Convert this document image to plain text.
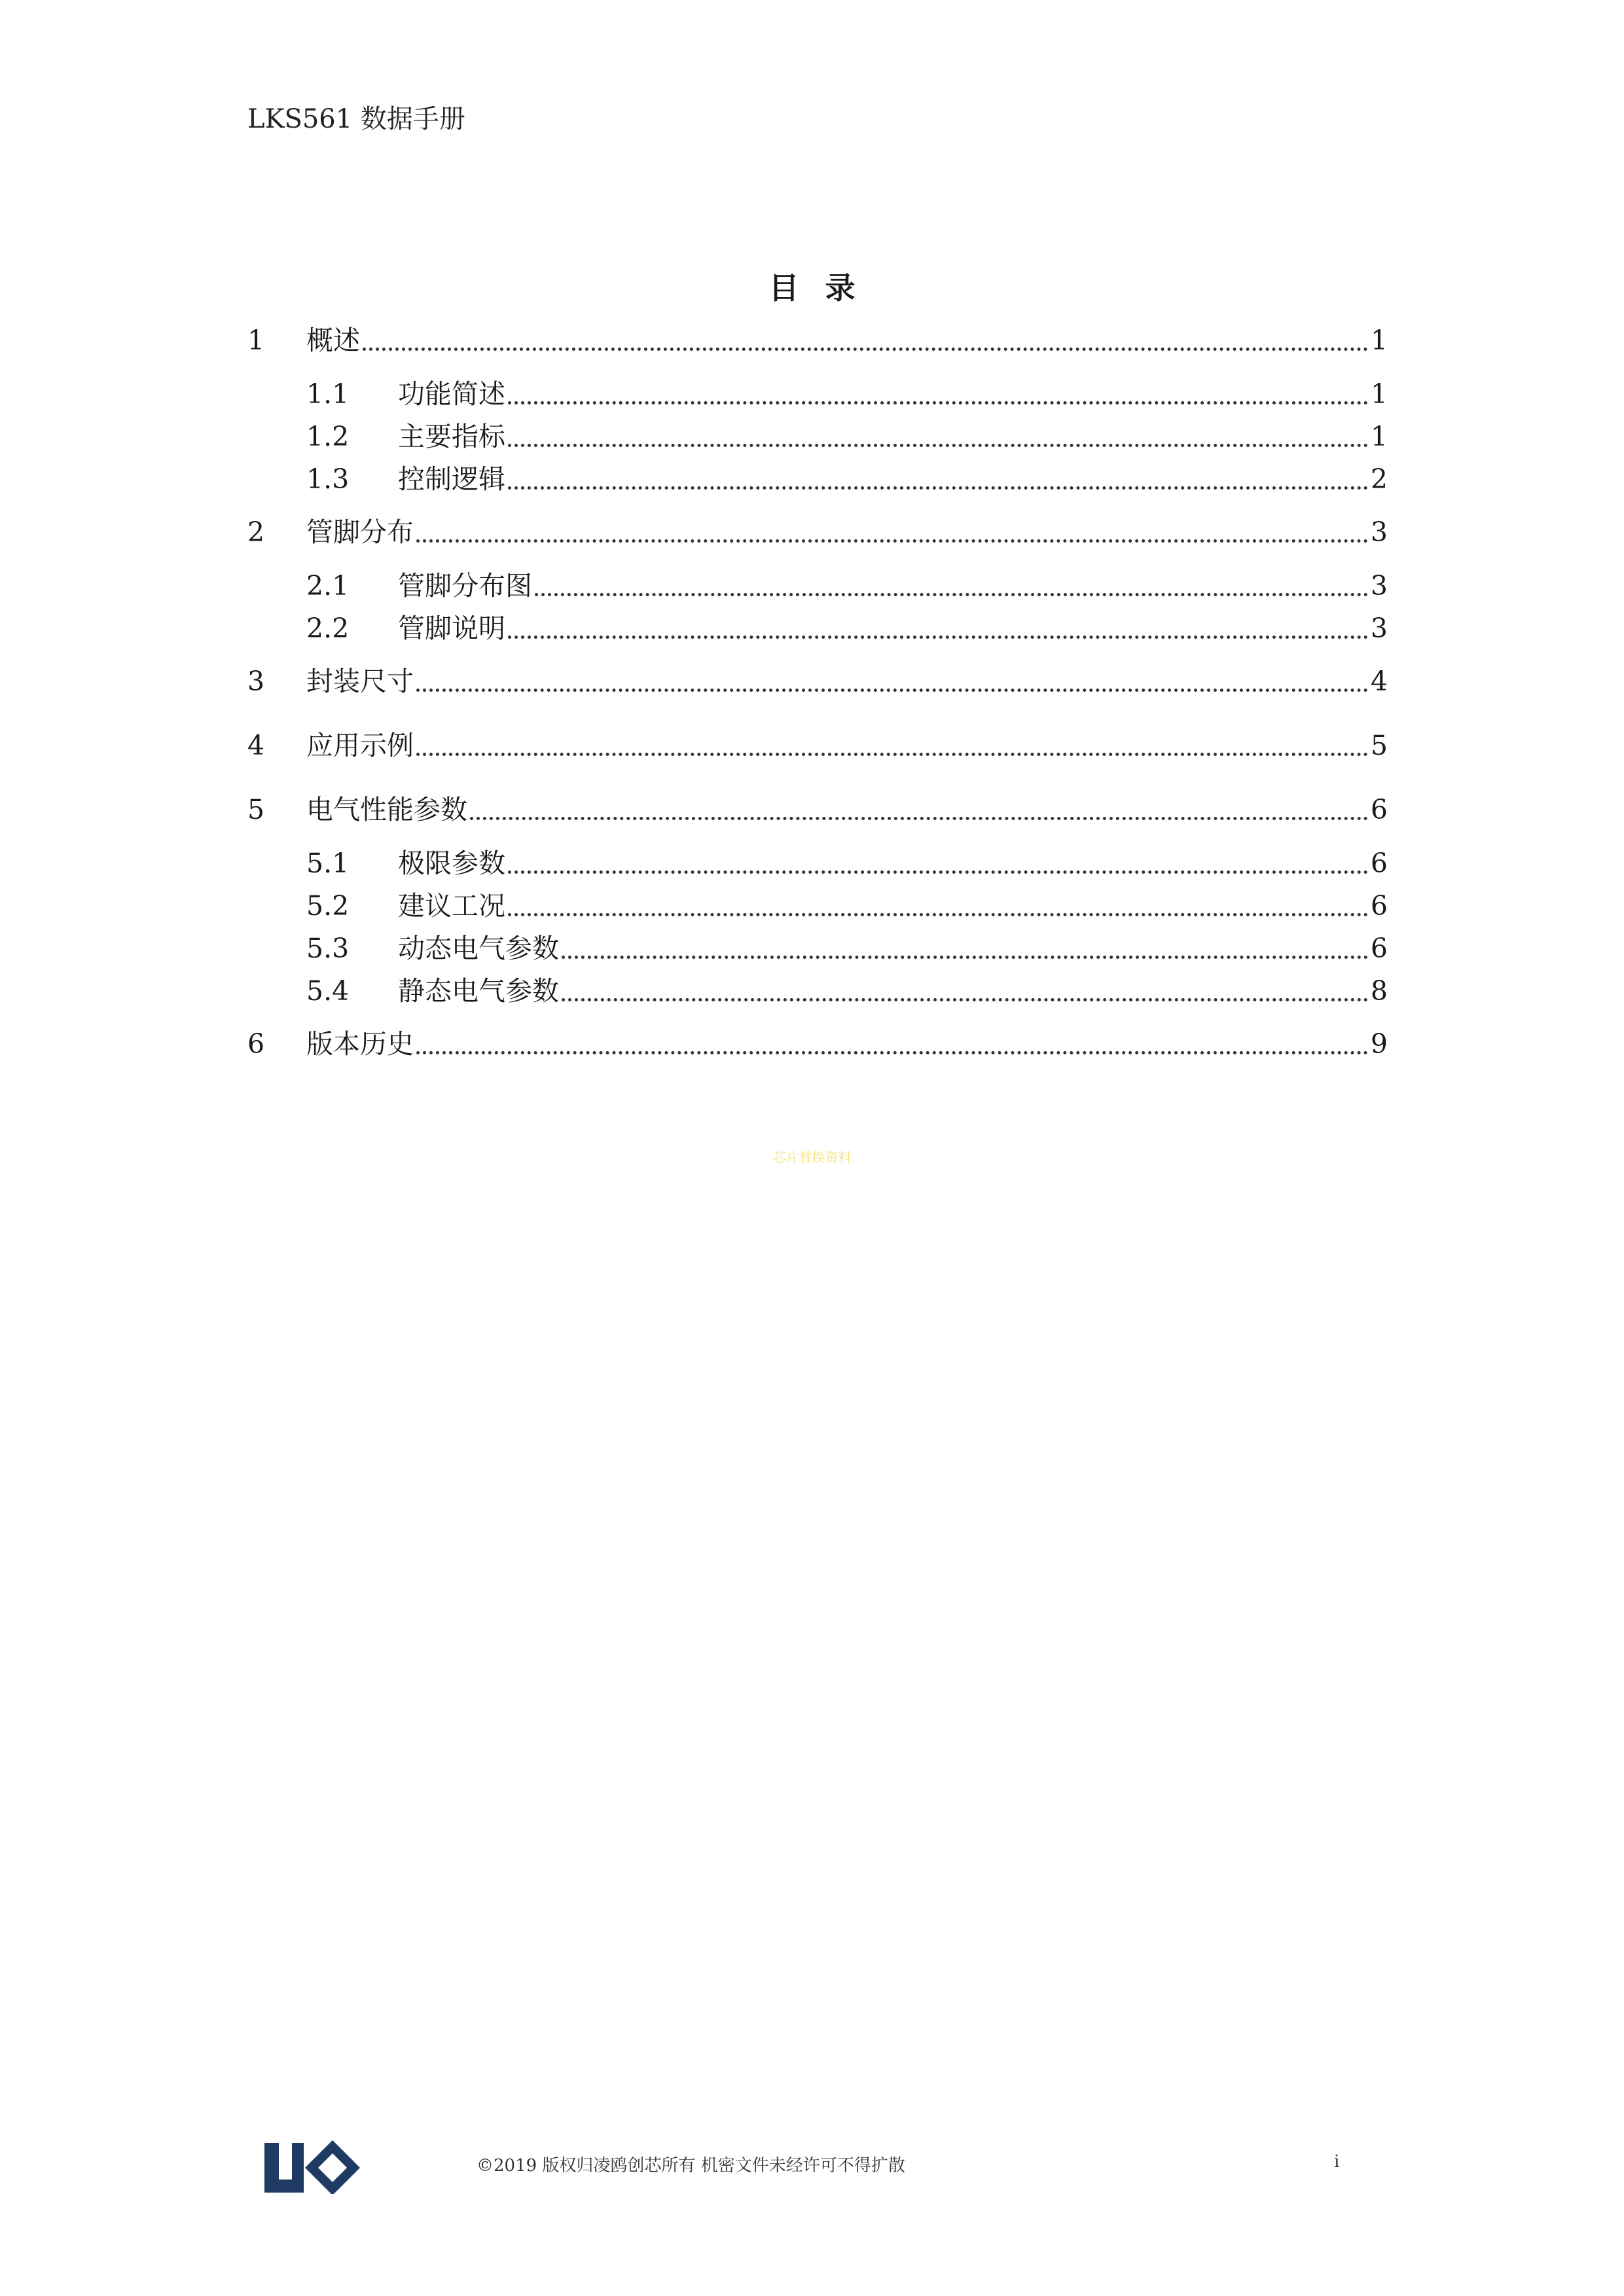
LKS561 数据手册
目录
1	概述	1
1.1	功能简述	1
1.2	主要指标	1
1.3	控制逻辑	2
2	管脚分布	3
2.1	管脚分布图	3
2.2	管脚说明	3
3	封装尺寸	4
4	应用示例	5
5	电气性能参数	6
5.1	极限参数	6
5.2	建议工况	6
5.3	动态电气参数	6
5.4	静态电气参数	8
6	版本历史	9
芯片替换资料
©2019 版权归凌鸥创芯所有 机密文件未经许可不得扩散	i
